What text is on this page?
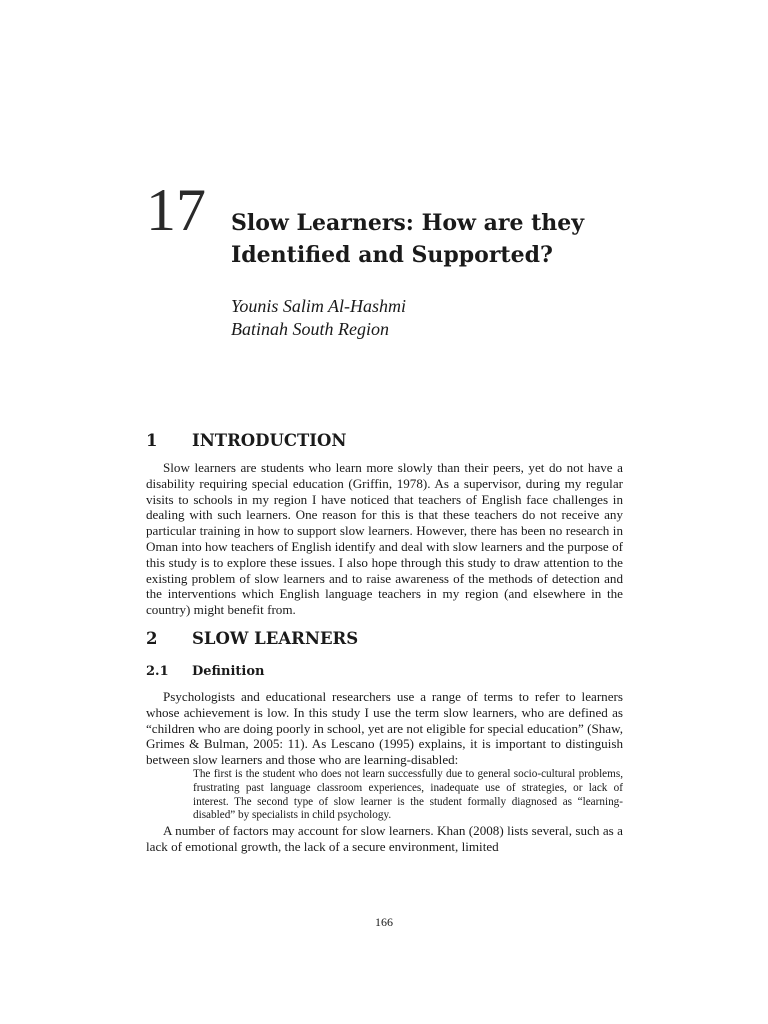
17 Slow Learners: How are they Identified and Supported?
Younis Salim Al-Hashmi
Batinah South Region
1	INTRODUCTION

Slow learners are students who learn more slowly than their peers, yet do not have a disability requiring special education (Griffin, 1978). As a supervisor, during my regular visits to schools in my region I have noticed that teachers of English face challenges in dealing with such learners. One reason for this is that these teachers do not receive any particular training in how to support slow learners. However, there has been no research in Oman into how teachers of English identify and deal with slow learners and the purpose of this study is to explore these issues. I also hope through this study to draw attention to the existing problem of slow learners and to raise awareness of the methods of detection and the interventions which English language teachers in my region (and elsewhere in the country) might benefit from.

2	SLOW LEARNERS
2.1	Definition

Psychologists and educational researchers use a range of terms to refer to learners whose achievement is low. In this study I use the term slow learners, who are defined as “children who are doing poorly in school, yet are not eligible for special education” (Shaw, Grimes & Bulman, 2005: 11). As Lescano (1995) explains, it is important to distinguish between slow learners and those who are learning-disabled:

The first is the student who does not learn successfully due to general socio-cultural problems, frustrating past language classroom experiences, inadequate use of strategies, or lack of interest. The second type of slow learner is the student formally diagnosed as “learning-disabled” by specialists in child psychology.

A number of factors may account for slow learners. Khan (2008) lists several, such as a lack of emotional growth, the lack of a secure environment, limited

166
